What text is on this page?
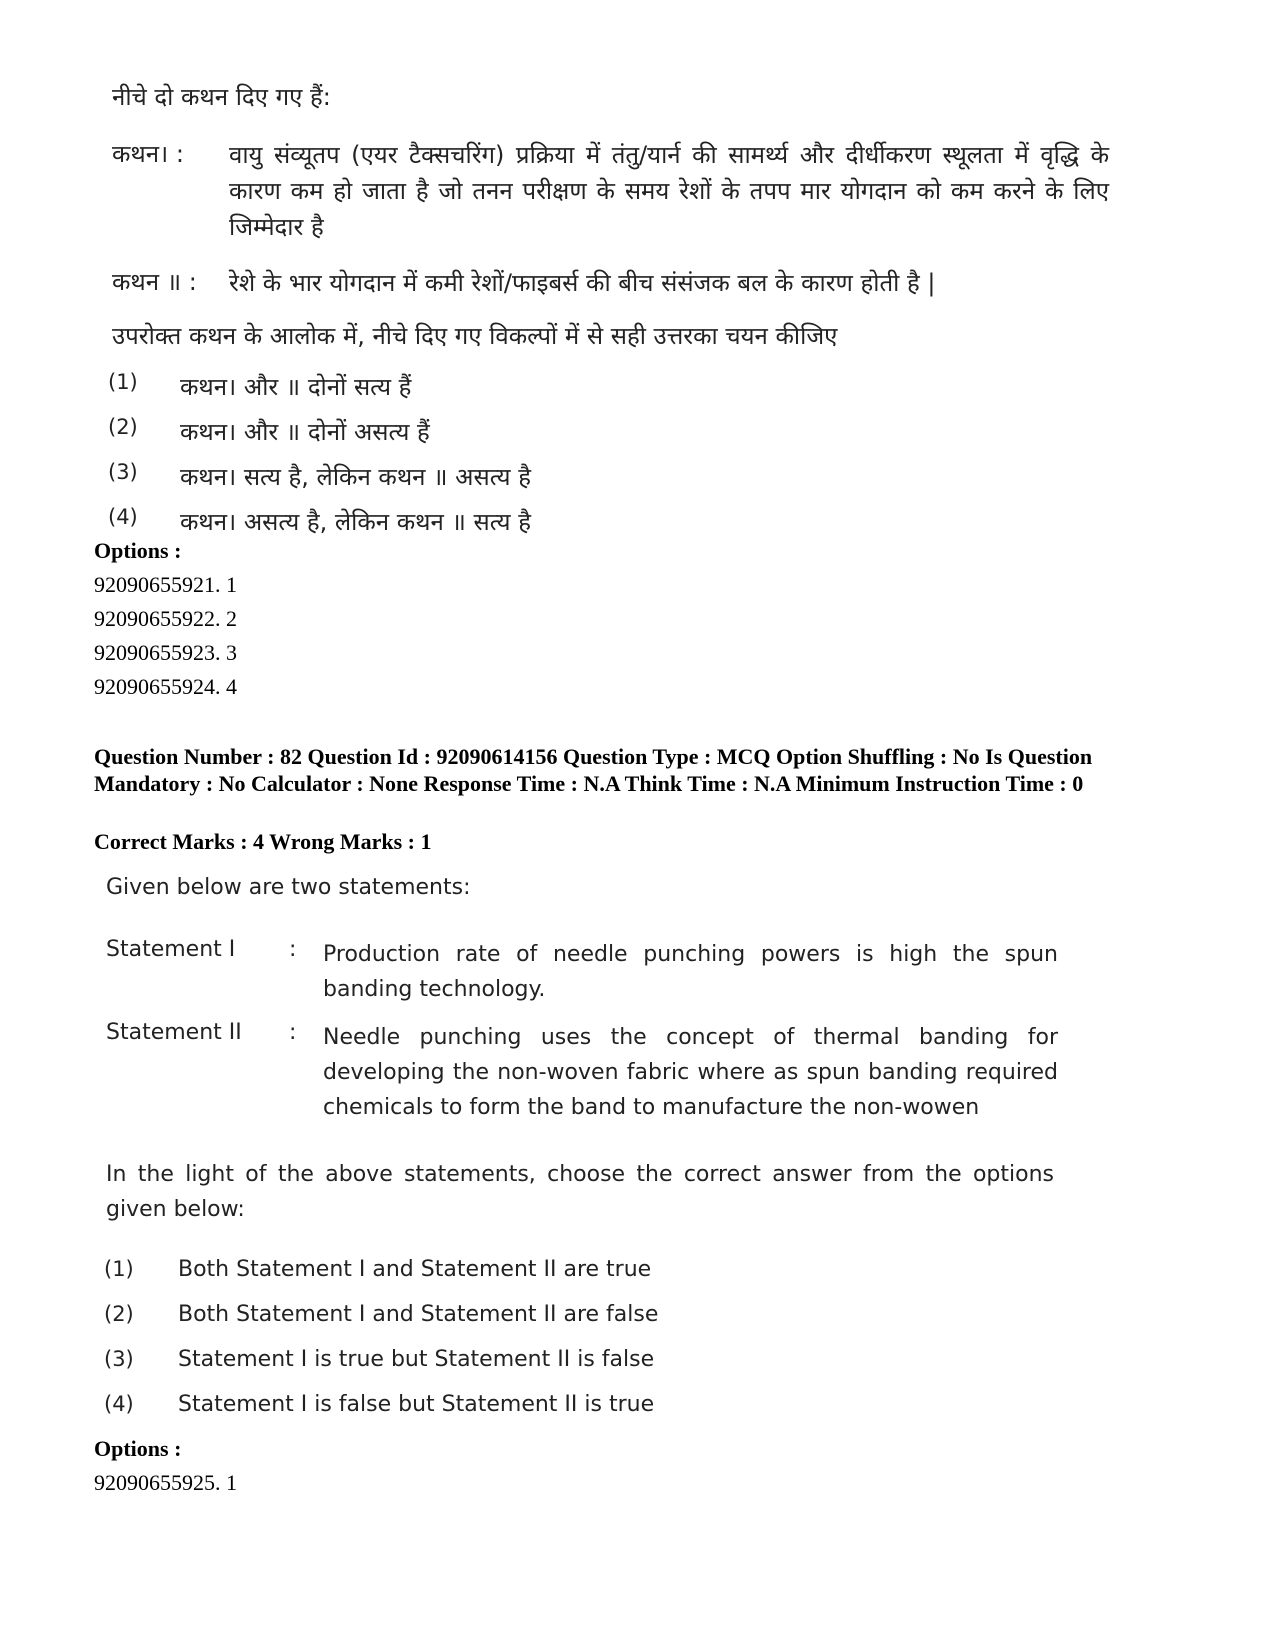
नीचे दो कथन दिए गए हैं:
कथन। : वायु संव्यूतप (एयर टैक्सचरिंग) प्रक्रिया में तंतु/यार्न की सामर्थ्य और दीर्धीकरण स्थूलता में वृद्धि के कारण कम हो जाता है जो तनन परीक्षण के समय रेशों के तपप मार योगदान को कम करने के लिए जिम्मेदार है
कथन ॥ : रेशे के भार योगदान में कमी रेशों/फाइबर्स की बीच संसंजक बल के कारण होती है |
उपरोक्त कथन के आलोक में, नीचे दिए गए विकल्पों में से सही उत्तरका चयन कीजिए
(1) कथन। और ॥ दोनों सत्य हैं
(2) कथन। और ॥ दोनों असत्य हैं
(3) कथन। सत्य है, लेकिन कथन ॥ असत्य है
(4) कथन। असत्य है, लेकिन कथन ॥ सत्य है
Options :
92090655921. 1
92090655922. 2
92090655923. 3
92090655924. 4
Question Number : 82 Question Id : 92090614156 Question Type : MCQ Option Shuffling : No Is Question Mandatory : No Calculator : None Response Time : N.A Think Time : N.A Minimum Instruction Time : 0
Correct Marks : 4 Wrong Marks : 1
Given below are two statements:
Statement I : Production rate of needle punching powers is high the spun banding technology.
Statement II : Needle punching uses the concept of thermal banding for developing the non-woven fabric where as spun banding required chemicals to form the band to manufacture the non-wowen
In the light of the above statements, choose the correct answer from the options given below:
(1) Both Statement I and Statement II are true
(2) Both Statement I and Statement II are false
(3) Statement I is true but Statement II is false
(4) Statement I is false but Statement II is true
Options :
92090655925. 1
